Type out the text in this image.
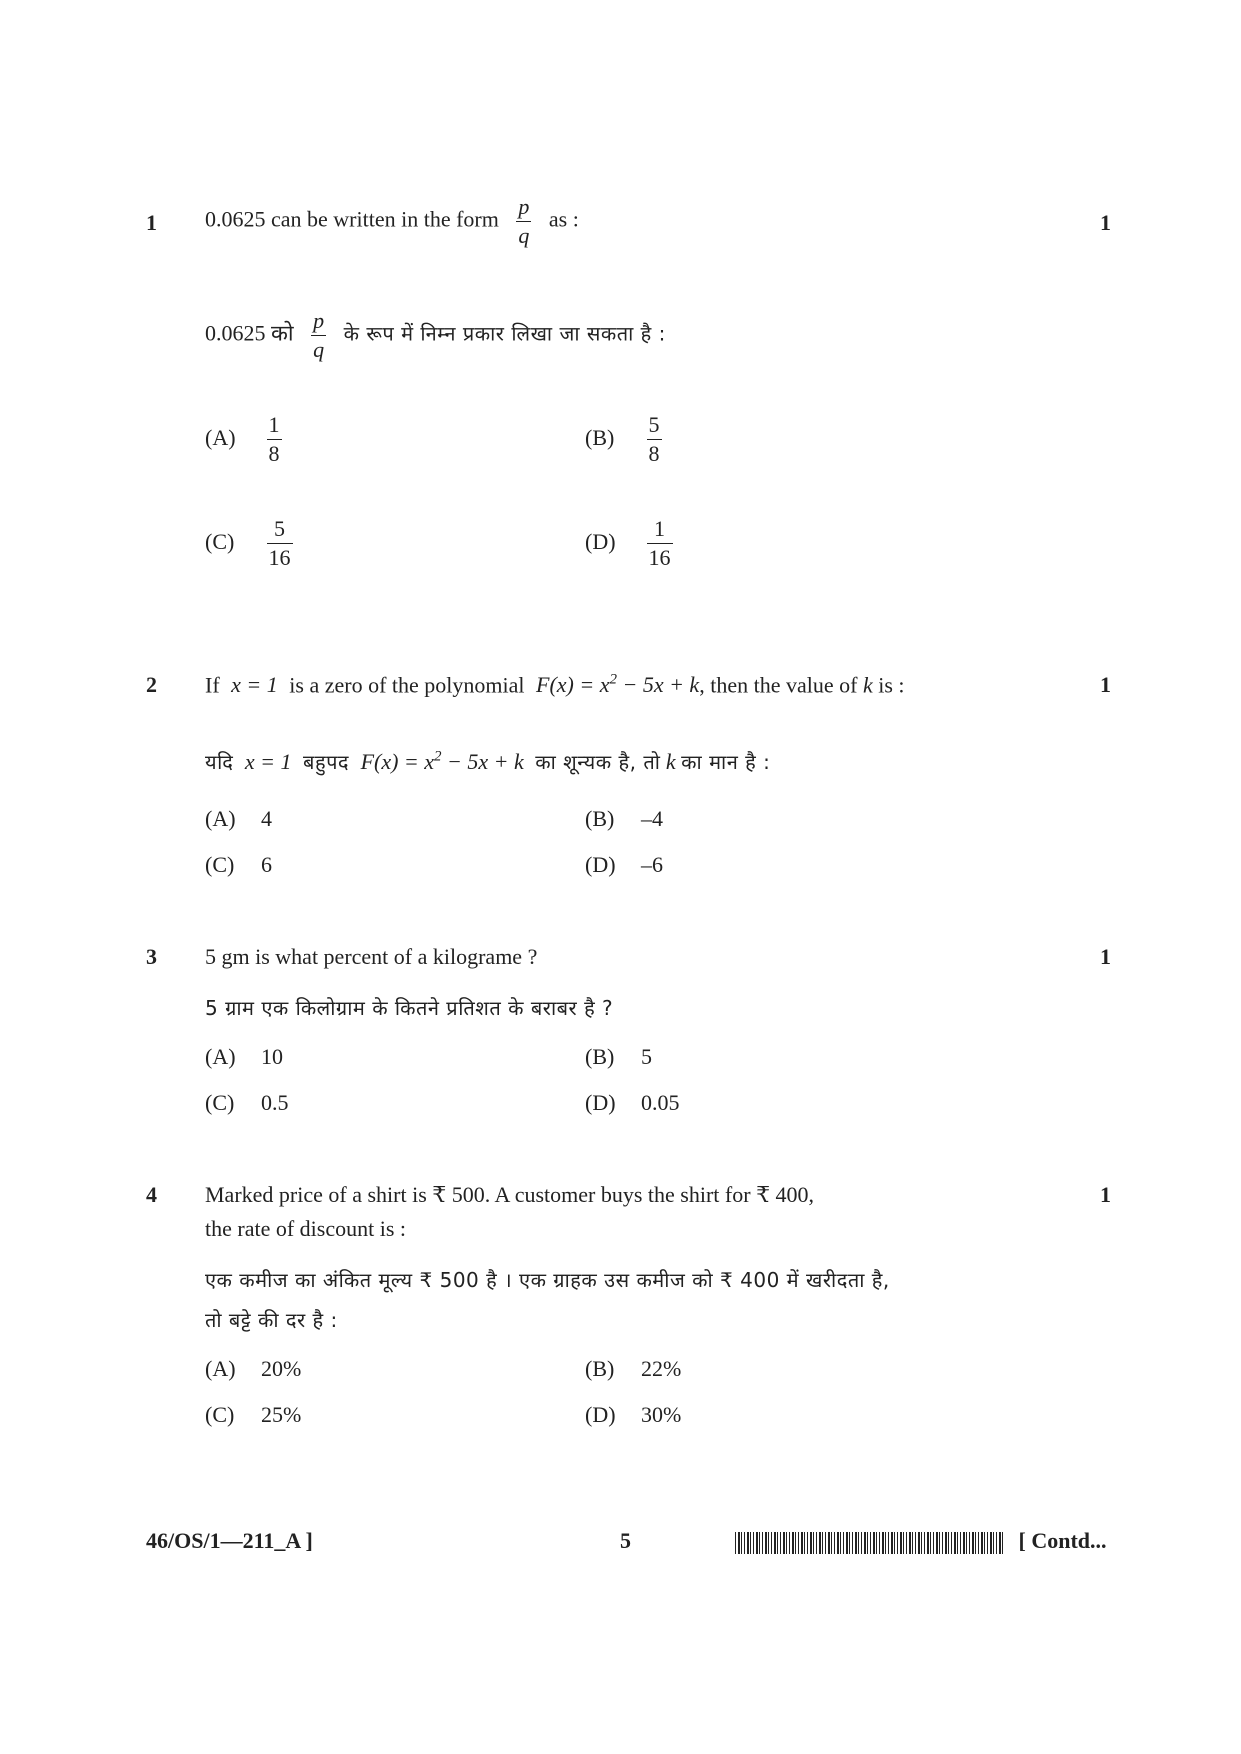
1	1
0.0625 can be written in the form $\frac{p}{q}$ as :
0.0625 को $\frac{p}{q}$ के रूप में निम्न प्रकार लिखा जा सकता है :
$(A) \frac{1}{8}$	$(B) \frac{5}{8}$
$(C) \frac{5}{16}$	$(D) \frac{1}{16}$
2	1
If x = 1 is a zero of the polynomial $F(x) = x^2 - 5x + k$, then the value of k is :
यदि x = 1 बहुपद $F(x) = x^2 - 5x + k$ का शून्यक है, तो k का मान है :
(A) 4	(B) –4
(C) 6	(D) –6
3	1
5 gm is what percent of a kilograme ?
5 ग्राम एक किलोग्राम के कितने प्रतिशत के बराबर है ?
(A) 10	(B) 5
(C) 0.5	(D) 0.05
4	1
Marked price of a shirt is ₹ 500. A customer buys the shirt for ₹ 400,
the rate of discount is :
एक कमीज का अंकित मूल्य ₹ 500 है । एक ग्राहक उस कमीज को ₹ 400 में खरीदता है,
तो बट्टे की दर है :
(A) 20%	(B) 22%
(C) 25%	(D) 30%
46/OS/1—211_A ]	5	[ Contd...
